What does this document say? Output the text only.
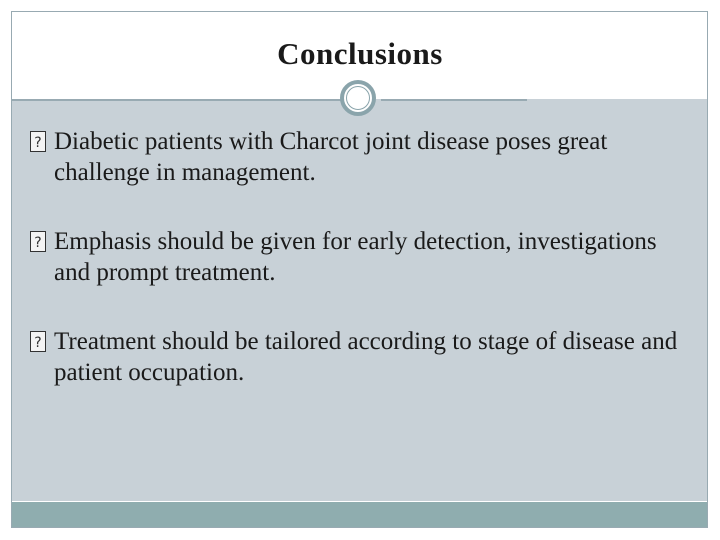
Conclusions
?
Diabetic patients with Charcot joint disease poses great challenge in management.
?
Emphasis should be given for early detection, investigations and prompt treatment.
?
Treatment should be tailored according to stage of disease and patient occupation.
